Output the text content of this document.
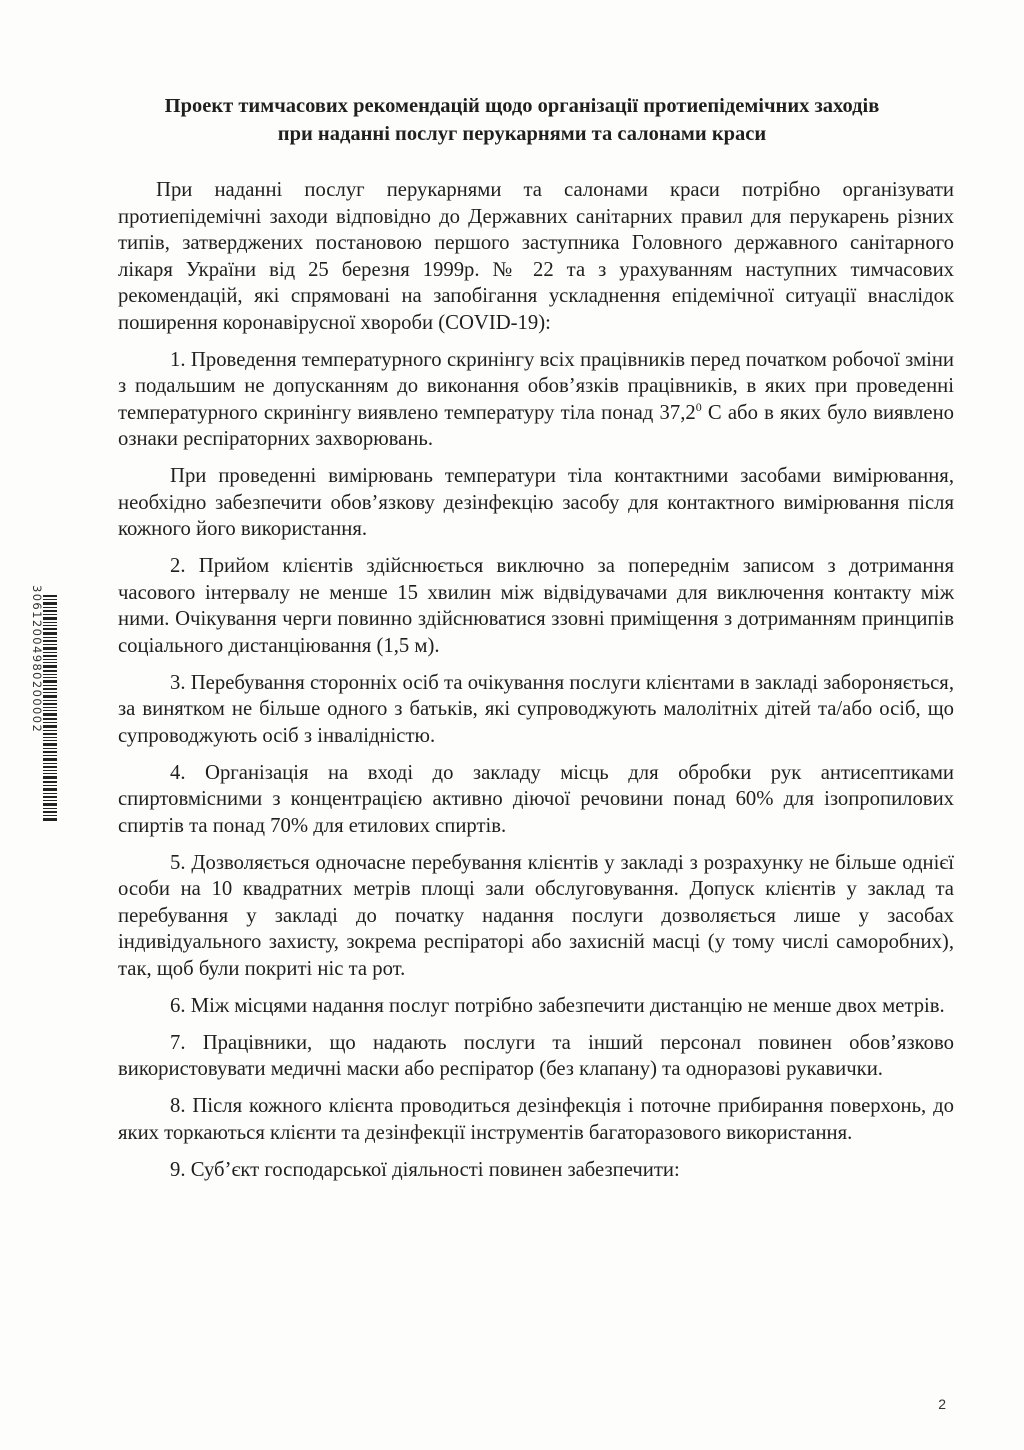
Проект тимчасових рекомендацій щодо організації протиепідемічних заходів
при наданні послуг перукарнями та салонами краси

При наданні послуг перукарнями та салонами краси потрібно організувати протиепідемічні заходи відповідно до Державних санітарних правил для перукарень різних типів, затверджених постановою першого заступника Головного державного санітарного лікаря України від 25 березня 1999р. № 22 та з урахуванням наступних тимчасових рекомендацій, які спрямовані на запобігання ускладнення епідемічної ситуації внаслідок поширення коронавірусної хвороби (COVID-19):

1. Проведення температурного скринінгу всіх працівників перед початком робочої зміни з подальшим не допусканням до виконання обов’язків працівників, в яких при проведенні температурного скринінгу виявлено температуру тіла понад 37,2$^0$ С або в яких було виявлено ознаки респіраторних захворювань.

При проведенні вимірювань температури тіла контактними засобами вимірювання, необхідно забезпечити обов’язкову дезінфекцію засобу для контактного вимірювання після кожного його використання.

2. Прийом клієнтів здійснюється виключно за попереднім записом з дотримання часового інтервалу не менше 15 хвилин між відвідувачами для виключення контакту між ними. Очікування черги повинно здійснюватися ззовні приміщення з дотриманням принципів соціального дистанціювання (1,5 м).

3. Перебування сторонніх осіб та очікування послуги клієнтами в закладі забороняється, за винятком не більше одного з батьків, які супроводжують малолітніх дітей та/або осіб, що супроводжують осіб з інвалідністю.

4. Організація на вході до закладу місць для обробки рук антисептиками спиртовмісними з концентрацією активно діючої речовини понад 60% для ізопропилових спиртів та понад 70% для етилових спиртів.

5. Дозволяється одночасне перебування клієнтів у закладі з розрахунку не більше однієї особи на 10 квадратних метрів площі зали обслуговування. Допуск клієнтів у заклад та перебування у закладі до початку надання послуги дозволяється лише у засобах індивідуального захисту, зокрема респіраторі або захисній масці (у тому числі саморобних), так, щоб були покриті ніс та рот.

6. Між місцями надання послуг потрібно забезпечити дистанцію не менше двох метрів.

7. Працівники, що надають послуги та інший персонал повинен обов’язково використовувати медичні маски або респіратор (без клапану) та одноразові рукавички.

8. Після кожного клієнта проводиться дезінфекція і поточне прибирання поверхонь, до яких торкаються клієнти та дезінфекції інструментів багаторазового використання.

9. Суб’єкт господарської діяльності повинен забезпечити:

30612004980200002
2
